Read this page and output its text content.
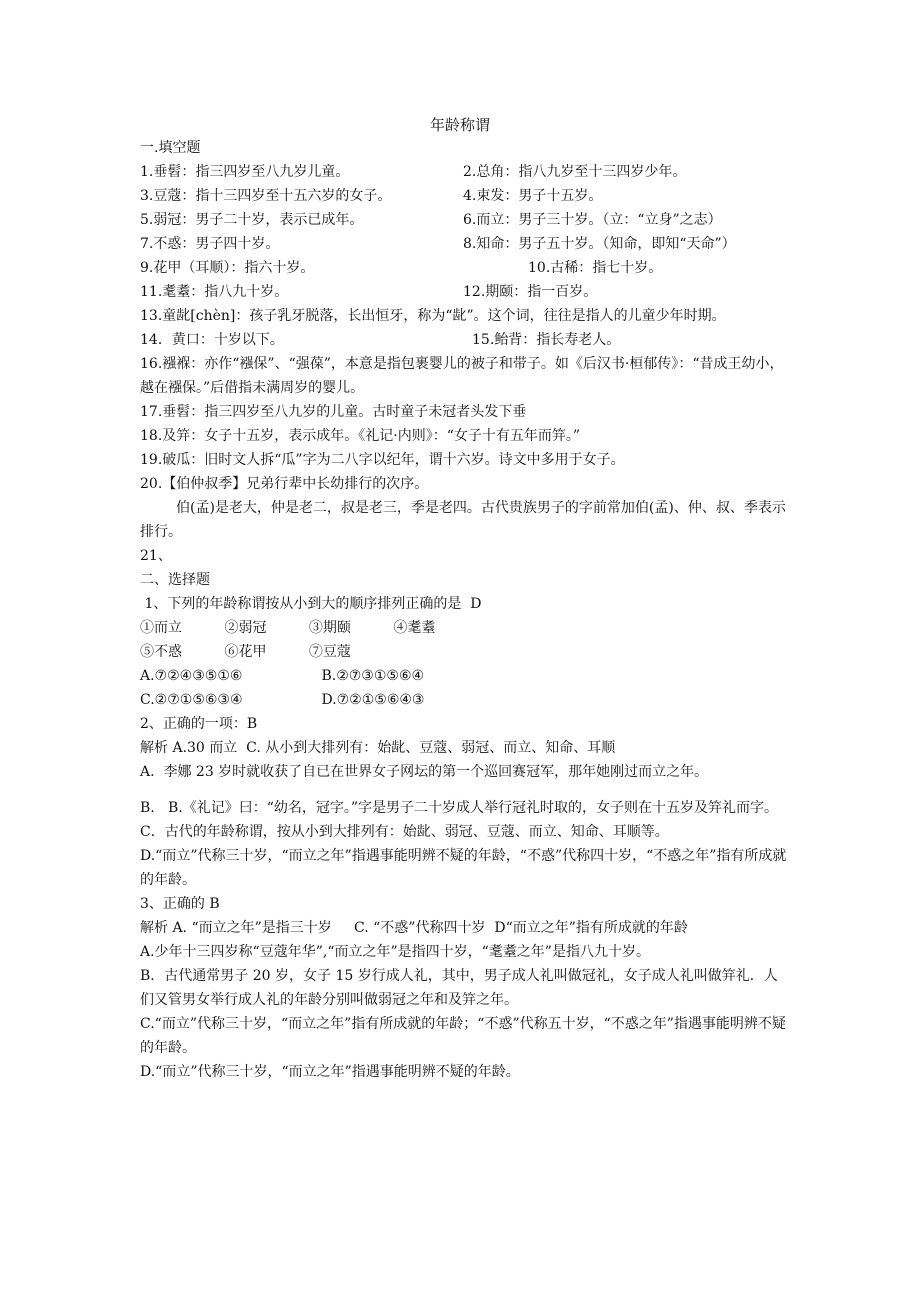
年龄称谓
一.填空题
1.垂髫：指三四岁至八九岁儿童。	2.总角：指八九岁至十三四岁少年。
3.豆蔻：指十三四岁至十五六岁的女子。	4.束发：男子十五岁。
5.弱冠：男子二十岁，表示已成年。	6.而立：男子三十岁。（立：“立身”之志）
7.不惑：男子四十岁。	8.知命：男子五十岁。（知命，即知“天命”）
9.花甲（耳顺）：指六十岁。	10.古稀：指七十岁。
11.耄耋：指八九十岁。	12.期颐：指一百岁。
13.童龀[chèn]：孩子乳牙脱落，长出恒牙，称为“龀”。这个词，往往是指人的儿童少年时期。
14．黄口：十岁以下。	15.鲐背：指长寿老人。
16.襁褓：亦作“襁保”、“强葆”，本意是指包裹婴儿的被子和带子。如《后汉书·桓郁传》：“昔成王幼小，越在襁保。”后借指未满周岁的婴儿。
17.垂髫：指三四岁至八九岁的儿童。古时童子未冠者头发下垂
18.及笄：女子十五岁，表示成年。《礼记·内则》：“女子十有五年而笄。”
19.破瓜：旧时文人拆“瓜”字为二八字以纪年，谓十六岁。诗文中多用于女子。
20.【伯仲叔季】兄弟行辈中长幼排行的次序。
伯(孟)是老大，仲是老二，叔是老三，季是老四。古代贵族男子的字前常加伯(孟)、仲、叔、季表示排行。
21、
二、选择题
1、下列的年龄称谓按从小到大的顺序排列正确的是  D
①而立	②弱冠	③期颐	④耄耋
⑤不惑	⑥花甲	⑦豆蔻
A.⑦②④③⑤①⑥	B.②⑦③①⑤⑥④
C.②⑦①⑤⑥③④	D.⑦②①⑤⑥④③
2、正确的一项：B
解析 A.30 而立  C. 从小到大排列有：始龀、豆蔻、弱冠、而立、知命、耳顺
A.  李娜 23 岁时就收获了自已在世界女子网坛的第一个巡回赛冠军，那年她刚过而立之年。
B. B.《礼记》曰：“幼名，冠字。”字是男子二十岁成人举行冠礼时取的，女子则在十五岁及笄礼而字。
C．古代的年龄称谓，按从小到大排列有：始龀、弱冠、豆蔻、而立、知命、耳顺等。
D.“而立”代称三十岁，“而立之年”指遇事能明辨不疑的年龄，“不惑”代称四十岁，“不惑之年”指有所成就的年龄。
3、正确的 B
解析 A. “而立之年”是指三十岁     C. “不惑”代称四十岁  D“而立之年”指有所成就的年龄
A.少年十三四岁称“豆蔻年华”,“而立之年”是指四十岁，“耄耋之年”是指八九十岁。
B．古代通常男子 20 岁，女子 15 岁行成人礼，其中，男子成人礼叫做冠礼，女子成人礼叫做笄礼．人们又管男女举行成人礼的年龄分别叫做弱冠之年和及笄之年。
C.“而立”代称三十岁，“而立之年”指有所成就的年龄；“不惑”代称五十岁，“不惑之年”指遇事能明辨不疑的年龄。
D.“而立”代称三十岁，“而立之年”指遇事能明辨不疑的年龄。
